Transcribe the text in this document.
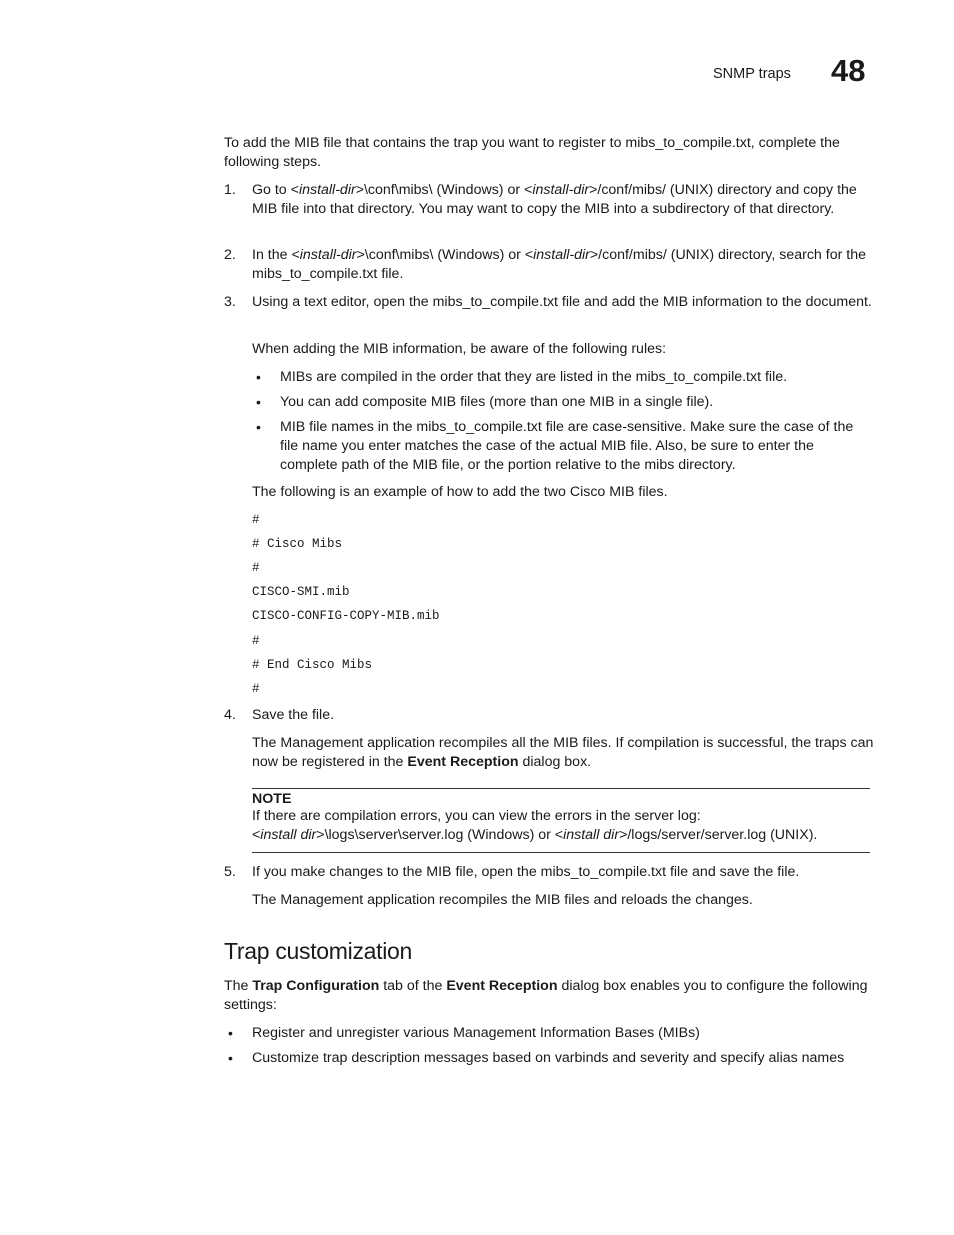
SNMP traps 48
To add the MIB file that contains the trap you want to register to mibs_to_compile.txt, complete the following steps.
1. Go to <install-dir>\conf\mibs\ (Windows) or <install-dir>/conf/mibs/ (UNIX) directory and copy the MIB file into that directory. You may want to copy the MIB into a subdirectory of that directory.
2. In the <install-dir>\conf\mibs\ (Windows) or <install-dir>/conf/mibs/ (UNIX) directory, search for the mibs_to_compile.txt file.
3. Using a text editor, open the mibs_to_compile.txt file and add the MIB information to the document.
When adding the MIB information, be aware of the following rules:
• MIBs are compiled in the order that they are listed in the mibs_to_compile.txt file.
• You can add composite MIB files (more than one MIB in a single file).
• MIB file names in the mibs_to_compile.txt file are case-sensitive. Make sure the case of the file name you enter matches the case of the actual MIB file. Also, be sure to enter the complete path of the MIB file, or the portion relative to the mibs directory.
The following is an example of how to add the two Cisco MIB files.
#
# Cisco Mibs
#
CISCO-SMI.mib
CISCO-CONFIG-COPY-MIB.mib
#
# End Cisco Mibs
#
4. Save the file.
The Management application recompiles all the MIB files. If compilation is successful, the traps can now be registered in the Event Reception dialog box.
NOTE
If there are compilation errors, you can view the errors in the server log:
<install dir>\logs\server\server.log (Windows) or <install dir>/logs/server/server.log (UNIX).
5. If you make changes to the MIB file, open the mibs_to_compile.txt file and save the file.
The Management application recompiles the MIB files and reloads the changes.
Trap customization
The Trap Configuration tab of the Event Reception dialog box enables you to configure the following settings:
• Register and unregister various Management Information Bases (MIBs)
• Customize trap description messages based on varbinds and severity and specify alias names
